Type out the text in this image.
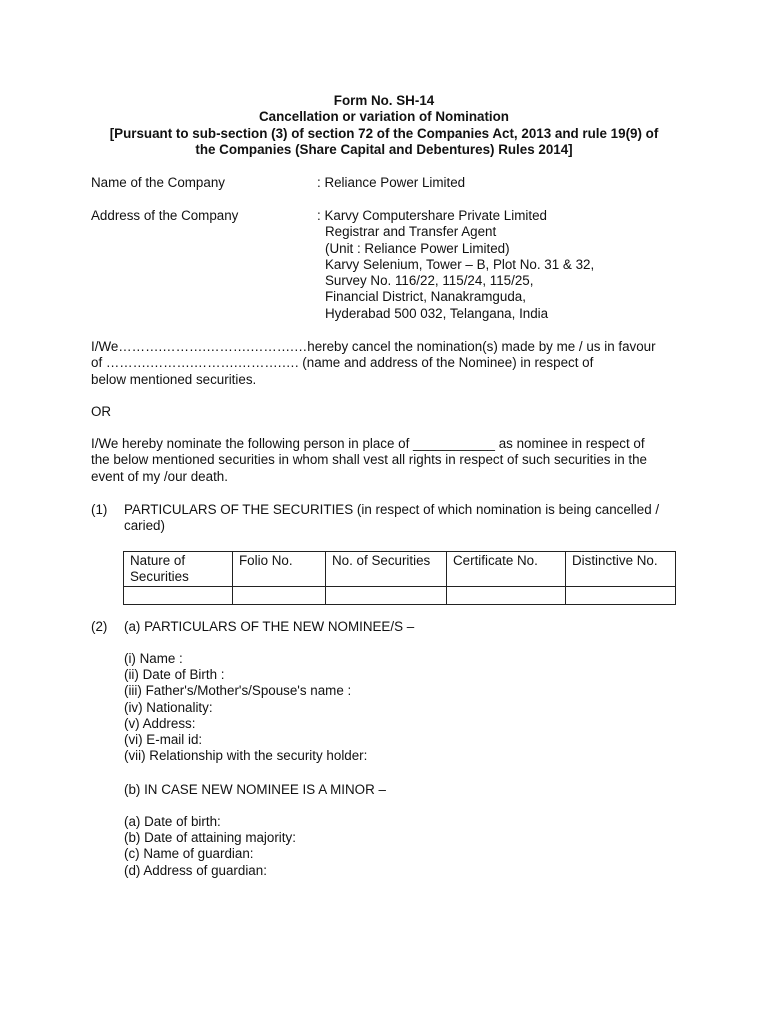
Form No. SH-14
Cancellation or variation of Nomination
[Pursuant to sub-section (3) of section 72 of the Companies Act, 2013 and rule 19(9) of
the Companies (Share Capital and Debentures) Rules 2014]
Name of the Company	: Reliance Power Limited
Address of the Company	: Karvy Computershare Private Limited
Registrar and Transfer Agent
(Unit : Reliance Power Limited)
Karvy Selenium, Tower – B, Plot No. 31 & 32,
Survey No. 116/22, 115/24, 115/25,
Financial District, Nanakramguda,
Hyderabad 500 032, Telangana, India
I/We……….……….……….……….…hereby cancel the nomination(s) made by me / us in favour
of ……….……….……….……….…. (name and address of the Nominee) in respect of
below mentioned securities.
OR
I/We hereby nominate the following person in place of ___________ as nominee in respect of
the below mentioned securities in whom shall vest all rights in respect of such securities in the
event of my /our death.
(1) PARTICULARS OF THE SECURITIES (in respect of which nomination is being cancelled /
caried)
Nature of Securities	Folio No.	No. of Securities	Certificate No.	Distinctive No.

(2) (a) PARTICULARS OF THE NEW NOMINEE/S –
(i) Name :
(ii) Date of Birth :
(iii) Father's/Mother's/Spouse's name :
(iv) Nationality:
(v) Address:
(vi) E-mail id:
(vii) Relationship with the security holder:
(b) IN CASE NEW NOMINEE IS A MINOR –
(a) Date of birth:
(b) Date of attaining majority:
(c) Name of guardian:
(d) Address of guardian:
